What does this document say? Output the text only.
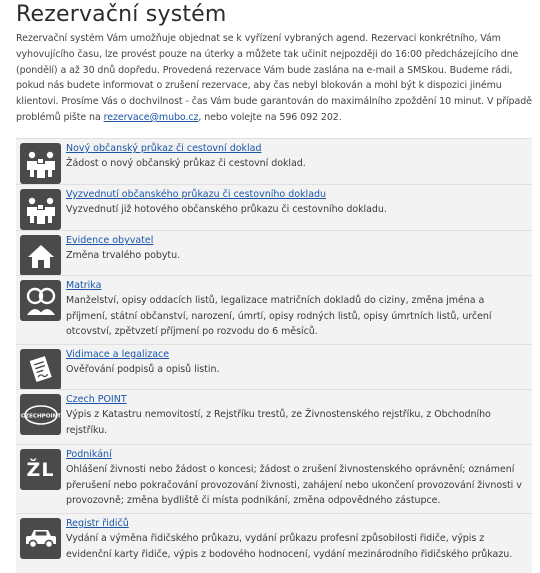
Rezervační systém

Rezervační systém Vám umožňuje objednat se k vyřízení vybraných agend. Rezervaci konkrétního, Vám vyhovujícího času, lze provést pouze na úterky a můžete tak učinit nejpozději do 16:00 předcházejícího dne (pondělí) a až 30 dnů dopředu. Provedená rezervace Vám bude zaslána na e-mail a SMSkou. Budeme rádi, pokud nás budete informovat o zrušení rezervace, aby čas nebyl blokován a mohl být k dispozici jinému klientovi. Prosíme Vás o dochvilnost - čas Vám bude garantován do maximálního zpoždění 10 minut. V případě problémů pište na rezervace@mubo.cz, nebo volejte na 596 092 202.

Nový občanský průkaz či cestovní doklad

Žádost o nový občanský průkaz či cestovní doklad.

Vyzvednutí občanského průkazu či cestovního dokladu

Vyzvednutí již hotového občanského průkazu či cestovního dokladu.

Evidence obyvatel

Změna trvalého pobytu.

Matrika

Manželství, opisy oddacích listů, legalizace matričních dokladů do ciziny, změna jména a příjmení, státní občanství, narození, úmrtí, opisy rodných listů, opisy úmrtních listů, určení otcovství, zpětvzetí příjmení po rozvodu do 6 měsíců.

Vidimace a legalizace

Ověřování podpisů a opisů listin.

CZECHPOINT
Czech POINT

Výpis z Katastru nemovitostí, z Rejstříku trestů, ze Živnostenského rejstříku, z Obchodního rejstříku.

ŽL
Podnikání

Ohlášení živnosti nebo žádost o koncesi; žádost o zrušení živnostenského oprávnění; oznámení přerušení nebo pokračování provozování živnosti, zahájení nebo ukončení provozování živnosti v provozovně; změna bydliště či místa podnikání, změna odpovědného zástupce.

Registr řidičů

Vydání a výměna řidičského průkazu, vydání průkazu profesní způsobilosti řidiče, výpis z evidenční karty řidiče, výpis z bodového hodnocení, vydání mezinárodního řidičského průkazu.
